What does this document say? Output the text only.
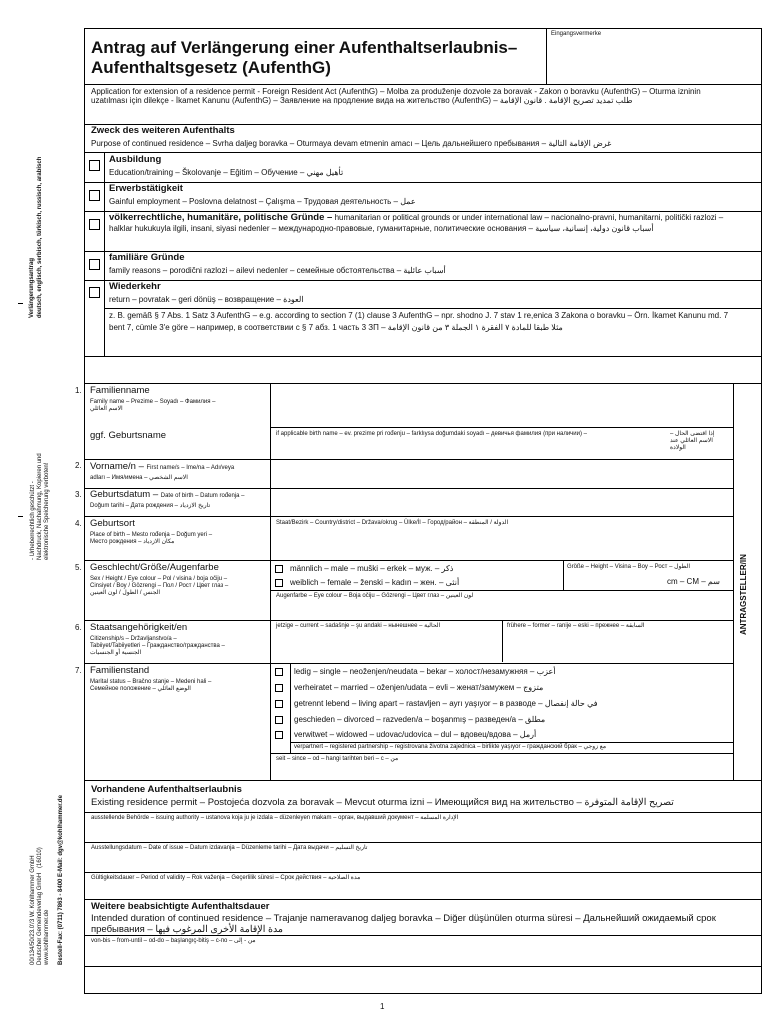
Verlängerungsantrag deutsch, englisch, serbisch, türkisch, russisch, arabisch
- Urheberrechtlich geschützt - Nachdruck, Nachahmung, Kopieren und elektronische Speicherung verboten!
00/134/50/23.0'/3 W. Kohlhammer GmbH Deutscher Gemeindeverlag GmbH   (16010)
www.kohlhammer.de Bestell-Fax: (0711) 7863 - 8400 E-Mail: dgv@kohlhammer.de
Antrag auf Verlängerung einer Aufenthaltserlaubnis–
Aufenthaltsgesetz (AufenthG)
Eingangsvermerke
Application for extension of a residence permit - Foreign Resident Act (AufenthG) – Molba za produženje dozvole za boravak - Zakon o boravku (AufenthG) – Oturma izninin uzatılması için dilekçe - İkamet Kanunu (AufenthG) – Заявление на продление вида на жительство (AufenthG) – طلب تمديد تصريح الإقامة . قانون الإقامة
Zweck des weiteren Aufenthalts
Purpose of continued residence – Svrha daljeg boravka – Oturmaya devam etmenin amacı – Цель дальнейшего пребывания – غرض الإقامة التالية
Ausbildung
Education/training – Školovanje – Eğitim – Обучение – تأهيل مهني
Erwerbstätigkeit
Gainful employment – Poslovna delatnost – Çalışma – Трудовая деятельность – عمل
völkerrechtliche, humanitäre, politische Gründe – humanitarian or political grounds or under international law – nacionalno-pravni, humanitarni, politički razlozi – halklar hukukuyla ilgili, insani, siyasi nedenler – международно-правовые, гуманитарные, политические основания – أسباب قانون دولية، إنسانية، سياسية
familiäre Gründe
family reasons – porodični razlozi – ailevi nedenler – семейные обстоятельства – أسباب عائلية
Wiederkehr
return – povratak – geri dönüş – возвращение – العودة
z. B. gemäß § 7 Abs. 1 Satz 3 AufenthG – e.g. according to section 7 (1) clause 3 AufenthG – npr. shodno J. 7 stav 1 re,enica 3 Zakona o boravku – Örn. İkamet Kanunu md. 7 bent 7, cümle 3'e göre – например, в соответствии с § 7 абз. 1 часть 3 ЗП – مثلا طبقا للمادة ٧ الفقرة ١ الجملة ٣ من قانون الإقامة
ANTRAGSTELLER/IN
1. Familienname
Family name – Prezime – Soyadı – Фамилия –
الاسم العائلي
ggf. Geburtsname	if applicable birth name – ev. prezime pri rođenju – farklıysa doğumdaki soyadı – девичья фамилия (при наличии) –	إذا اقتضى الحال – الاسم العائلي عند الولادة
2. Vorname/n – First name/s – Ime/na – Adı/veya
adları – Имя/имена – الاسم الشخصي
3. Geburtsdatum – Date of birth – Datum rođenja –
Doğum tarihi – Дата рождения – تاريخ الازدياد
4. Geburtsort
Place of birth – Mesto rođenja – Doğum yeri –
Место рождения – مكان الازدياد
Staat/Bezirk – Country/district – Država/okrug – Ülke/İl – Город/район – الدولة / المنطقة
5. Geschlecht/Größe/Augenfarbe
Sex / Height / Eye colour – Pol / visina / boja očiju –
Cinsiyet / Boy / Gözrengi – Пол / Рост / Цвет глаз –
الجنس / الطول / لون العينين
männlich – male – muški – erkek – муж. – ذكر
weiblich – female – ženski – kadın – жен. – أنثى
Größe – Height – Visina – Boy – Рост – الطول
cm – CM – سم
Augenfarbe – Eye colour – Boja očiju – Gözrengi – Цвет глаз – لون العينين
6. Staatsangehörigkeit/en
Citizenship/s – Državljanstvo/a –
Tabiiyet/Tabiiyetleri – Гражданство/гражданства –
الجنسية أو الجنسيات
jetzige – current – sadašnje – şu andaki – нынешнее – الحالية	frühere – former – ranije – eski – прежнее – السابقة
7. Familienstand
Marital status – Bračno stanje – Medeni hali –
Семейное положение – الوضع العائلي
ledig – single – neoženjen/neudata – bekar – холост/незамужняя – أعزب
verheiratet – married – oženjen/udata – evli – женат/замужем – متزوج
getrennt lebend – living apart – rastavljen – ayrı yaşıyor – в разводе – في حالة إنفصال
geschieden – divorced – razveden/a – boşanmış – разведен/а – مطلق
verwitwet – widowed – udovac/udovica – dul – вдовец/вдова – أرمل
verpartnert – registered partnership – registrovana životna zajednica – birlikte yaşıyor – гражданский брак – مع زوجي
seit – since – od – hangi tarihten beri – с – من
Vorhandene Aufenthaltserlaubnis
Existing residence permit – Postojeća dozvola za boravak – Mevcut oturma izni – Имеющийся вид на жительство – تصريح الإقامة المتوفرة
ausstellende Behörde – issuing authority – ustanova koja ju je izdala – düzenleyen makam – орган, выдавший документ – الإدارة المسلمة
Ausstellungsdatum – Date of issue – Datum izdavanja – Düzenleme tarihi – Дата выдачи – تاريخ التسليم
Gültigkeitsdauer – Period of validity – Rok važenja – Geçerlilik süresi – Срок действия – مدة الصلاحية
Weitere beabsichtigte Aufenthaltsdauer
Intended duration of continued residence – Trajanje nameravanog daljeg boravka – Diğer düşünülen oturma süresi – Дальнейший ожидаемый срок пребывания – مدة الإقامة الأخرى المرغوب فيها
von-bis – from-until – od-do – başlangıç-bitiş – с-по – من - إلى
1
